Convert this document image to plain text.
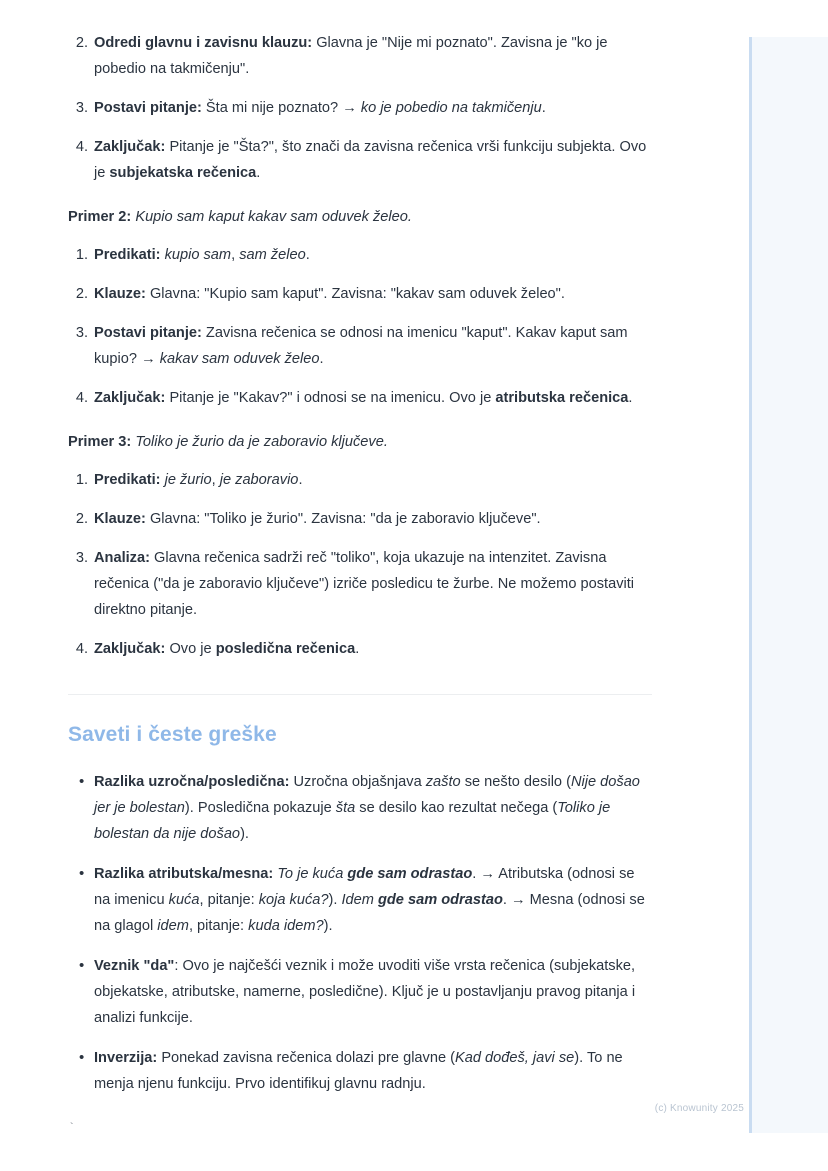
2. Odredi glavnu i zavisnu klauzu: Glavna je "Nije mi poznato". Zavisna je "ko je pobedio na takmičenju".
3. Postavi pitanje: Šta mi nije poznato? → ko je pobedio na takmičenju.
4. Zaključak: Pitanje je "Šta?", što znači da zavisna rečenica vrši funkciju subjekta. Ovo je subjekatska rečenica.

Primer 2: Kupio sam kaput kakav sam oduvek želeo.

1. Predikati: kupio sam, sam želeo.
2. Klauze: Glavna: "Kupio sam kaput". Zavisna: "kakav sam oduvek želeo".
3. Postavi pitanje: Zavisna rečenica se odnosi na imenicu "kaput". Kakav kaput sam kupio? → kakav sam oduvek želeo.
4. Zaključak: Pitanje je "Kakav?" i odnosi se na imenicu. Ovo je atributska rečenica.

Primer 3: Toliko je žurio da je zaboravio ključeve.

1. Predikati: je žurio, je zaboravio.
2. Klauze: Glavna: "Toliko je žurio". Zavisna: "da je zaboravio ključeve".
3. Analiza: Glavna rečenica sadrži reč "toliko", koja ukazuje na intenzitet. Zavisna rečenica ("da je zaboravio ključeve") izriče posledicu te žurbe. Ne možemo postaviti direktno pitanje.
4. Zaključak: Ovo je posledična rečenica.
Saveti i česte greške
• Razlika uzročna/posledična: Uzročna objašnjava zašto se nešto desilo (Nije došao jer je bolestan). Posledična pokazuje šta se desilo kao rezultat nečega (Toliko je bolestan da nije došao).
• Razlika atributska/mesna: To je kuća gde sam odrastao. → Atributska (odnosi se na imenicu kuća, pitanje: koja kuća?). Idem gde sam odrastao. → Mesna (odnosi se na glagol idem, pitanje: kuda idem?).
• Veznik "da": Ovo je najčešći veznik i može uvoditi više vrsta rečenica (subjekatske, objekatske, atributske, namerne, posledične). Ključ je u postavljanju pravog pitanja i analizi funkcije.
• Inverzija: Ponekad zavisna rečenica dolazi pre glavne (Kad dođeš, javi se). To ne menja njenu funkciju. Prvo identifikuj glavnu radnju.
`
(c) Knowunity 2025
